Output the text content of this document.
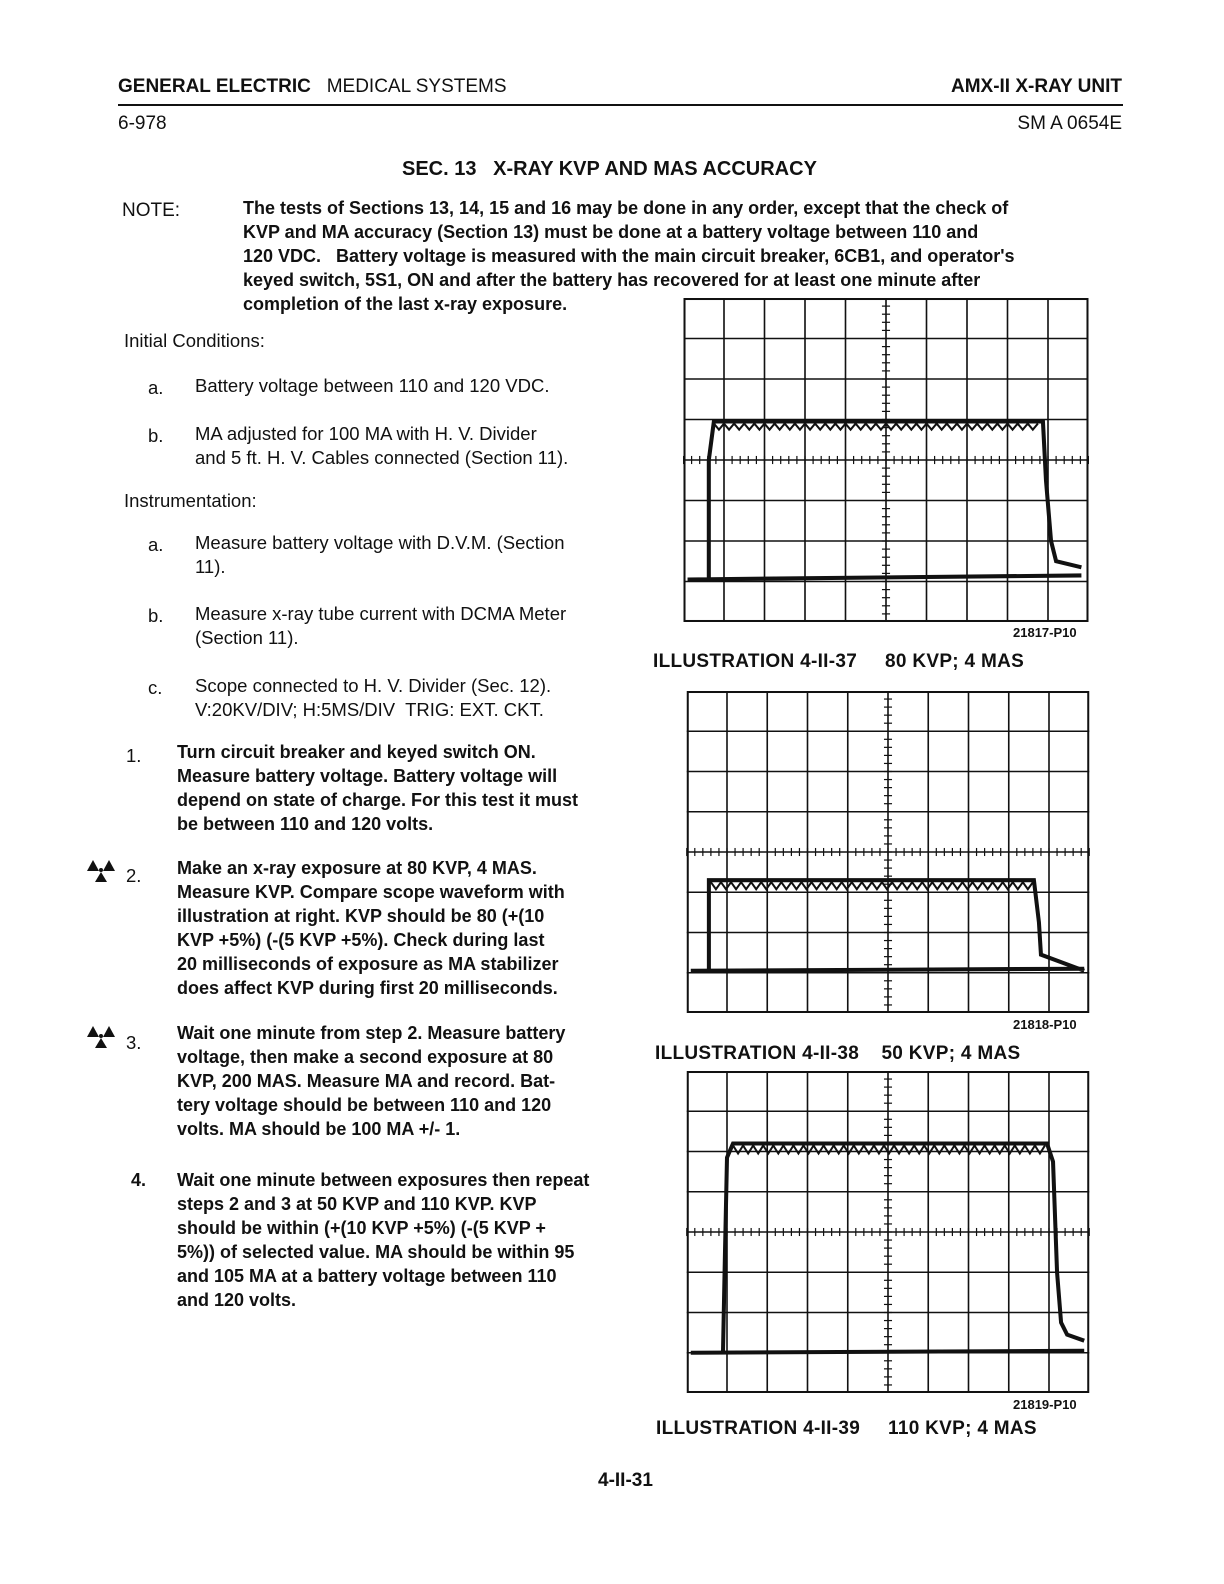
GENERAL ELECTRIC MEDICAL SYSTEMS	AMX-II X-RAY UNIT
6-978	SM A 0654E
SEC. 13   X-RAY KVP AND MAS ACCURACY
NOTE:	The tests of Sections 13, 14, 15 and 16 may be done in any order, except that the check of
KVP and MA accuracy (Section 13) must be done at a battery voltage between 110 and
120 VDC.   Battery voltage is measured with the main circuit breaker, 6CB1, and operator's
keyed switch, 5S1, ON and after the battery has recovered for at least one minute after
completion of the last x-ray exposure.
Initial Conditions:
a. Battery voltage between 110 and 120 VDC.
b. MA adjusted for 100 MA with H. V. Divider
and 5 ft. H. V. Cables connected (Section 11).
Instrumentation:
a. Measure battery voltage with D.V.M. (Section
11).
b. Measure x-ray tube current with DCMA Meter
(Section 11).
c. Scope connected to H. V. Divider (Sec. 12).
V:20KV/DIV; H:5MS/DIV  TRIG: EXT. CKT.
1. Turn circuit breaker and keyed switch ON.
Measure battery voltage. Battery voltage will
depend on state of charge. For this test it must
be between 110 and 120 volts.
2. Make an x-ray exposure at 80 KVP, 4 MAS.
Measure KVP. Compare scope waveform with
illustration at right. KVP should be 80 (+(10
KVP +5%) (-(5 KVP +5%). Check during last
20 milliseconds of exposure as MA stabilizer
does affect KVP during first 20 milliseconds.
3. Wait one minute from step 2. Measure battery
voltage, then make a second exposure at 80
KVP, 200 MAS. Measure MA and record. Bat-
tery voltage should be between 110 and 120
volts. MA should be 100 MA +/- 1.
4. Wait one minute between exposures then repeat
steps 2 and 3 at 50 KVP and 110 KVP. KVP
should be within (+(10 KVP +5%) (-(5 KVP +
5%)) of selected value. MA should be within 95
and 105 MA at a battery voltage between 110
and 120 volts.
21817-P10
ILLUSTRATION 4-II-37 80 KVP; 4 MAS
21818-P10
ILLUSTRATION 4-II-38 50 KVP; 4 MAS
21819-P10
ILLUSTRATION 4-II-39 110 KVP; 4 MAS
4-II-31
